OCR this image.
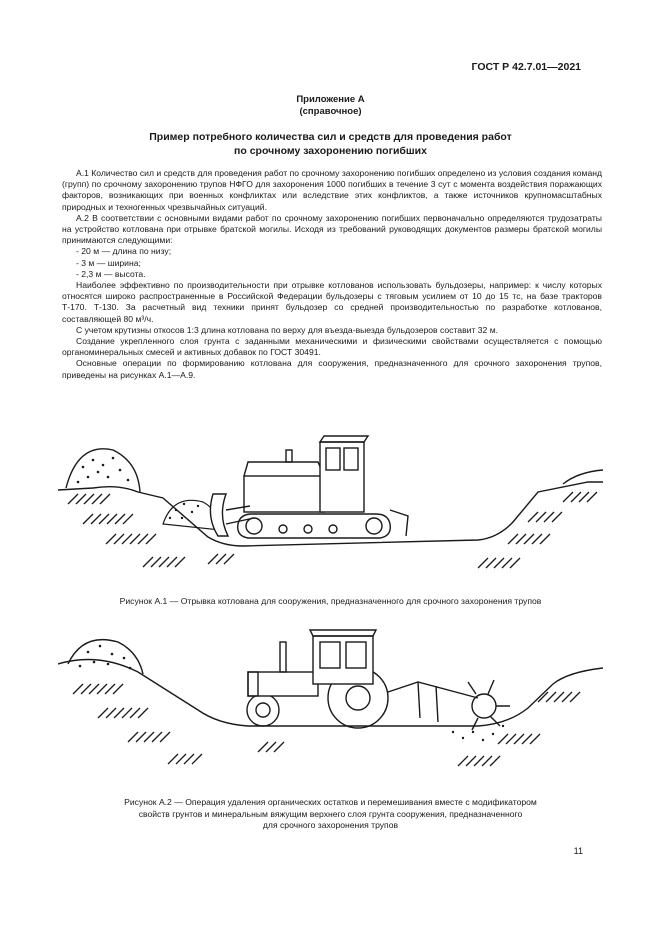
ГОСТ Р 42.7.01—2021
Приложение А
(справочное)
Пример потребного количества сил и средств для проведения работ
по срочному захоронению погибших

А.1 Количество сил и средств для проведения работ по срочному захоронению погибших определено из условия создания команд (групп) по срочному захоронению трупов НФГО для захоронения 1000 погибших в течение 3 сут с момента воздействия поражающих факторов, возникающих при военных конфликтах или вследствие этих конфликтов, а также источников крупномасштабных природных и техногенных чрезвычайных ситуаций.

А.2 В соответствии с основными видами работ по срочному захоронению погибших первоначально определяются трудозатраты на устройство котлована при отрывке братской могилы. Исходя из требований руководящих документов размеры братской могилы принимаются следующими:

- 20 м — длина по низу;

- 3 м — ширина;

- 2,3 м — высота.

Наиболее эффективно по производительности при отрывке котлованов использовать бульдозеры, например: к числу которых относятся широко распространенные в Российской Федерации бульдозеры с тяговым усилием от 10 до 15 тс, на базе тракторов Т-170. Т-130. За расчетный вид техники принят бульдозер со средней производительностью по разработке котлованов, составляющей 80 м³/ч.

С учетом крутизны откосов 1:3 длина котлована по верху для въезда-выезда бульдозеров составит 32 м.

Создание укрепленного слоя грунта с заданными механическими и физическими свойствами осуществляется с помощью органоминеральных смесей и активных добавок по ГОСТ 30491.

Основные операции по формированию котлована для сооружения, предназначенного для срочного захоронения трупов, приведены на рисунках А.1—А.9.

Рисунок А.1 — Отрывка котлована для сооружения, предназначенного для срочного захоронения трупов
Рисунок А.2 — Операция удаления органических остатков и перемешивания вместе с модификатором
свойств грунтов и минеральным вяжущим верхнего слоя грунта сооружения, предназначенного
для срочного захоронения трупов
11
